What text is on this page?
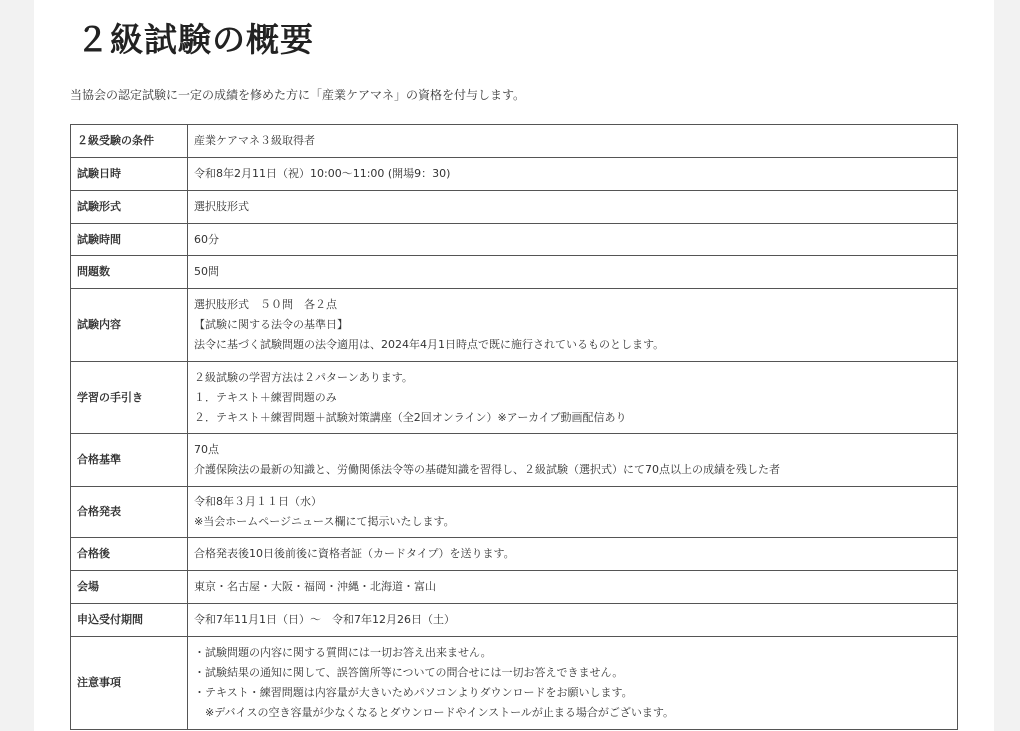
２級試験の概要
当協会の認定試験に一定の成績を修めた方に「産業ケアマネ」の資格を付与します。
２級受験の条件	産業ケアマネ３級取得者

試験日時	令和8年2月11日（祝）10:00〜11:00 (開場9：30)

試験形式	選択肢形式

試験時間	60分

問題数	50問

試験内容	選択肢形式　５０問　各２点
【試験に関する法令の基準日】
法令に基づく試験問題の法令適用は、2024年4月1日時点で既に施行されているものとします。

学習の手引き	２級試験の学習方法は２パターンあります。
１．テキスト＋練習問題のみ
２．テキスト＋練習問題＋試験対策講座（全2回オンライン）※アーカイブ動画配信あり

合格基準	70点
介護保険法の最新の知識と、労働関係法令等の基礎知識を習得し、２級試験（選択式）にて70点以上の成績を残した者

合格発表	令和8年３月１１日（水）
※当会ホームページニュース欄にて掲示いたします。

合格後	合格発表後10日後前後に資格者証（カードタイプ）を送ります。

会場	東京・名古屋・大阪・福岡・沖縄・北海道・富山

申込受付期間	令和7年11月1日（日）〜　令和7年12月26日（土）

注意事項	・試験問題の内容に関する質問には一切お答え出来ません。
・試験結果の通知に関して、誤答箇所等についての問合せには一切お答えできません。
・テキスト・練習問題は内容量が大きいためパソコンよりダウンロードをお願いします。
　※デバイスの空き容量が少なくなるとダウンロードやインストールが止まる場合がございます。
